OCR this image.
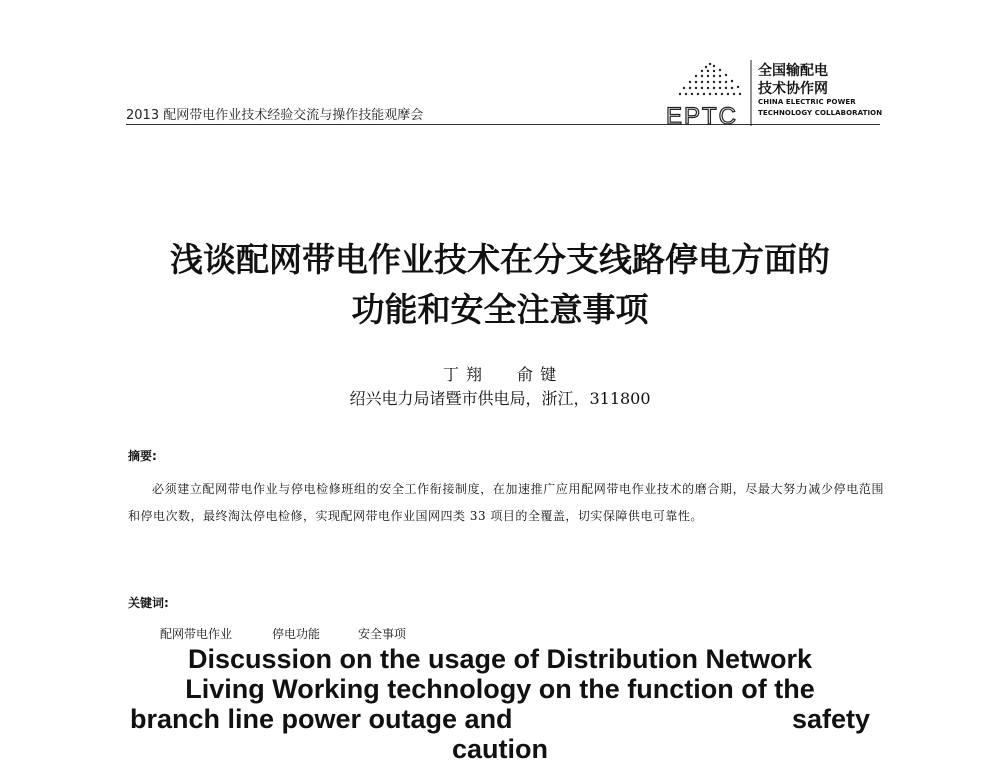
2013 配网带电作业技术经验交流与操作技能观摩会	EPTC
全国输配电
技术协作网
CHINA ELECTRIC POWER
TECHNOLOGY COLLABORATION
浅谈配网带电作业技术在分支线路停电方面的
功能和安全注意事项
丁 翔　　俞 键
绍兴电力局诸暨市供电局，浙江，311800
摘要:
必须建立配网带电作业与停电检修班组的安全工作衔接制度，在加速推广应用配网带电作业技术的磨合期，尽最大努力减少停电范围和停电次数，最终淘汰停电检修，实现配网带电作业国网四类 33 项目的全覆盖，切实保障供电可靠性。
关键词:
配网带电作业	停电功能	安全事项
Discussion on the usage of Distribution Network
Living Working technology on the function of the
branch line power outage and	safety
caution
